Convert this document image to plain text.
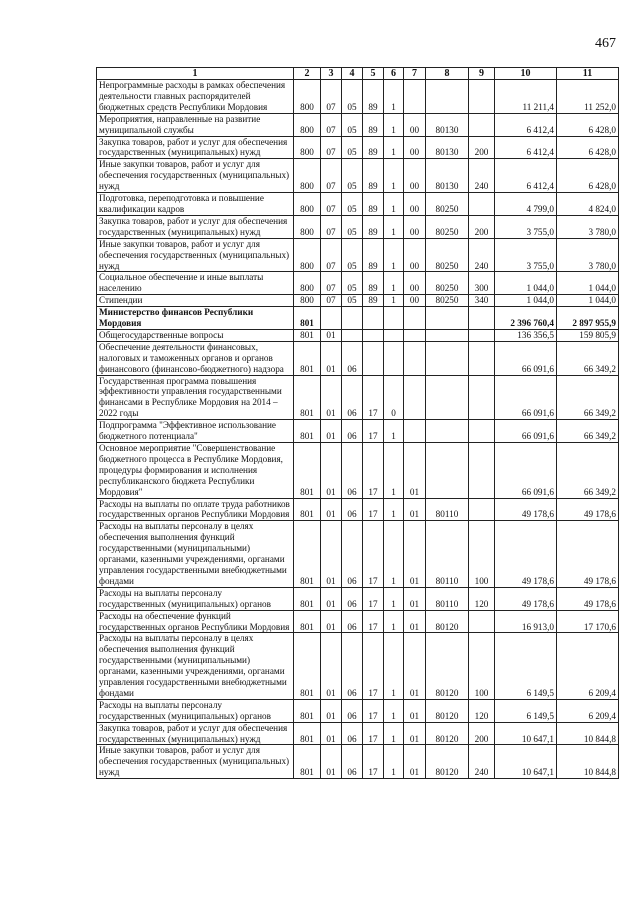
467
1	2	3	4	5	6	7	8	9	10	11
Непрограммные расходы в рамках обеспечения деятельности главных распорядителей бюджетных средств Республики Мордовия	800	07	05	89	1				11 211,4	11 252,0
Мероприятия, направленные на развитие муниципальной службы	800	07	05	89	1	00	80130		6 412,4	6 428,0
Закупка товаров, работ и услуг для обеспечения государственных (муниципальных) нужд	800	07	05	89	1	00	80130	200	6 412,4	6 428,0
Иные закупки товаров, работ и услуг для обеспечения государственных (муниципальных) нужд	800	07	05	89	1	00	80130	240	6 412,4	6 428,0
Подготовка, переподготовка и повышение квалификации кадров	800	07	05	89	1	00	80250		4 799,0	4 824,0
Закупка товаров, работ и услуг для обеспечения государственных (муниципальных) нужд	800	07	05	89	1	00	80250	200	3 755,0	3 780,0
Иные закупки товаров, работ и услуг для обеспечения государственных (муниципальных) нужд	800	07	05	89	1	00	80250	240	3 755,0	3 780,0
Социальное обеспечение и иные выплаты населению	800	07	05	89	1	00	80250	300	1 044,0	1 044,0
Стипендии	800	07	05	89	1	00	80250	340	1 044,0	1 044,0
Министерство финансов Республики Мордовия	801								2 396 760,4	2 897 955,9
Общегосударственные вопросы	801	01							136 356,5	159 805,9
Обеспечение деятельности финансовых, налоговых и таможенных органов и органов финансового (финансово-бюджетного) надзора	801	01	06						66 091,6	66 349,2
Государственная программа повышения эффективности управления государственными финансами в Республике Мордовия на 2014 – 2022 годы	801	01	06	17	0				66 091,6	66 349,2
Подпрограмма "Эффективное использование бюджетного потенциала"	801	01	06	17	1				66 091,6	66 349,2
Основное мероприятие "Совершенствование бюджетного процесса в Республике Мордовия, процедуры формирования и исполнения республиканского бюджета Республики Мордовия"	801	01	06	17	1	01			66 091,6	66 349,2
Расходы на выплаты по оплате труда работников государственных органов Республики Мордовия	801	01	06	17	1	01	80110		49 178,6	49 178,6
Расходы на выплаты персоналу в целях обеспечения выполнения функций государственными (муниципальными) органами, казенными учреждениями, органами управления государственными внебюджетными фондами	801	01	06	17	1	01	80110	100	49 178,6	49 178,6
Расходы на выплаты персоналу государственных (муниципальных) органов	801	01	06	17	1	01	80110	120	49 178,6	49 178,6
Расходы на обеспечение функций государственных органов Республики Мордовия	801	01	06	17	1	01	80120		16 913,0	17 170,6
Расходы на выплаты персоналу в целях обеспечения выполнения функций государственными (муниципальными) органами, казенными учреждениями, органами управления государственными внебюджетными фондами	801	01	06	17	1	01	80120	100	6 149,5	6 209,4
Расходы на выплаты персоналу государственных (муниципальных) органов	801	01	06	17	1	01	80120	120	6 149,5	6 209,4
Закупка товаров, работ и услуг для обеспечения государственных (муниципальных) нужд	801	01	06	17	1	01	80120	200	10 647,1	10 844,8
Иные закупки товаров, работ и услуг для обеспечения государственных (муниципальных) нужд	801	01	06	17	1	01	80120	240	10 647,1	10 844,8
